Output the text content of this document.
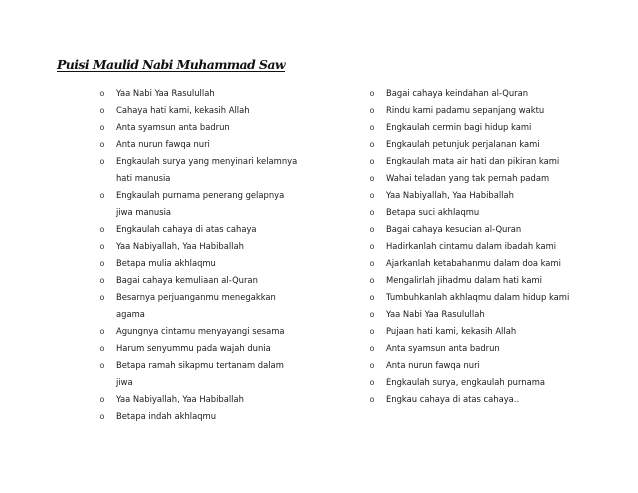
Puisi Maulid Nabi Muhammad Saw
o	Yaa Nabi Yaa Rasulullah
o	Cahaya hati kami, kekasih Allah
o	Anta syamsun anta badrun
o	Anta nurun fawqa nuri
o	Engkaulah surya yang menyinari kelamnya
hati manusia
o	Engkaulah purnama penerang gelapnya
jiwa manusia
o	Engkaulah cahaya di atas cahaya
o	Yaa Nabiyallah, Yaa Habiballah
o	Betapa mulia akhlaqmu
o	Bagai cahaya kemuliaan al-Quran
o	Besarnya perjuanganmu menegakkan
agama
o	Agungnya cintamu menyayangi sesama
o	Harum senyummu pada wajah dunia
o	Betapa ramah sikapmu tertanam dalam
jiwa
o	Yaa Nabiyallah, Yaa Habiballah
o	Betapa indah akhlaqmu
o	Bagai cahaya keindahan al-Quran
o	Rindu kami padamu sepanjang waktu
o	Engkaulah cermin bagi hidup kami
o	Engkaulah petunjuk perjalanan kami
o	Engkaulah mata air hati dan pikiran kami
o	Wahai teladan yang tak pernah padam
o	Yaa Nabiyallah, Yaa Habiballah
o	Betapa suci akhlaqmu
o	Bagai cahaya kesucian al-Quran
o	Hadirkanlah cintamu dalam ibadah kami
o	Ajarkanlah ketabahanmu dalam doa kami
o	Mengalirlah jihadmu dalam hati kami
o	Tumbuhkanlah akhlaqmu dalam hidup kami
o	Yaa Nabi Yaa Rasulullah
o	Pujaan hati kami, kekasih Allah
o	Anta syamsun anta badrun
o	Anta nurun fawqa nuri
o	Engkaulah surya, engkaulah purnama
o	Engkau cahaya di atas cahaya..
